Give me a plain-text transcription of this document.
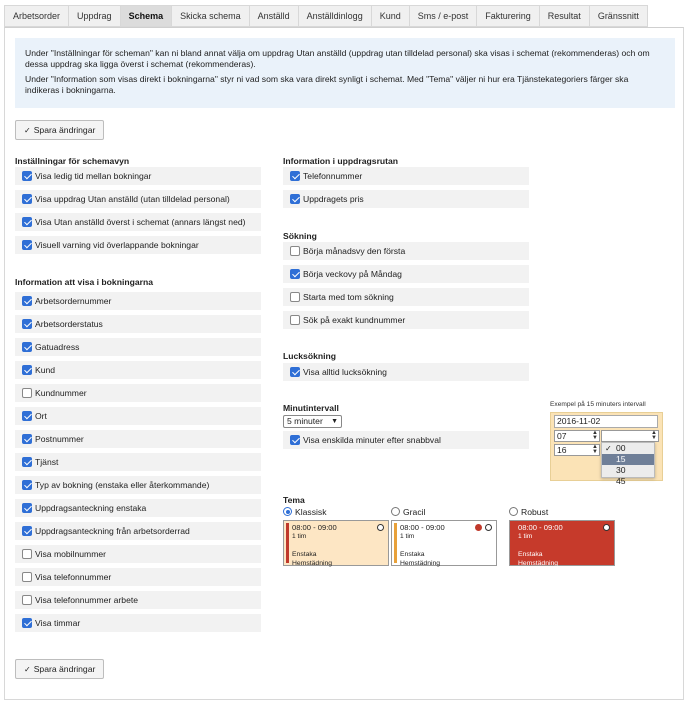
Arbetsorder	Uppdrag	Schema	Skicka schema	Anställd	Anställdinlogg	Kund	Sms / e-post	Fakturering	Resultat	Gränssnitt

Under "Inställningar för scheman" kan ni bland annat välja om uppdrag Utan anställd (uppdrag utan tilldelad personal) ska visas i schemat (rekommenderas) och om dessa uppdrag ska ligga överst i schemat (rekommenderas).

Under "Information som visas direkt i bokningarna" styr ni vad som ska vara direkt synligt i schemat. Med "Tema" väljer ni hur era Tjänstekategoriers färger ska indikeras i bokningarna.

✓ Spara ändringar
Inställningar för schemavyn
Visa ledig tid mellan bokningar
Visa uppdrag Utan anställd (utan tilldelad personal)
Visa Utan anställd överst i schemat (annars längst ned)
Visuell varning vid överlappande bokningar
Information att visa i bokningarna
Arbetsordernummer
Arbetsorderstatus
Gatuadress
Kund
Kundnummer
Ort
Postnummer
Tjänst
Typ av bokning (enstaka eller återkommande)
Uppdragsanteckning enstaka
Uppdragsanteckning från arbetsorderrad
Visa mobilnummer
Visa telefonnummer
Visa telefonnummer arbete
Visa timmar
Information i uppdragsrutan
Telefonnummer
Uppdragets pris
Sökning
Börja månadsvy den första
Börja veckovy på Måndag
Starta med tom sökning
Sök på exakt kundnummer
Lucksökning
Visa alltid lucksökning
Minutintervall
5 minuter ▼
Visa enskilda minuter efter snabbval
Exempel på 15 minuters intervall
2016-11-02
07	▲
▼
▲
▼
16	▲
▼ ✓ 00
15
30
45
Tema
Klassisk
08:00 - 09:00
1 tim
Enstaka
Hemstädning
Gracil
08:00 - 09:00
1 tim
Enstaka
Hemstädning
Robust
08:00 - 09:00
1 tim
Enstaka
Hemstädning
✓ Spara ändringar
